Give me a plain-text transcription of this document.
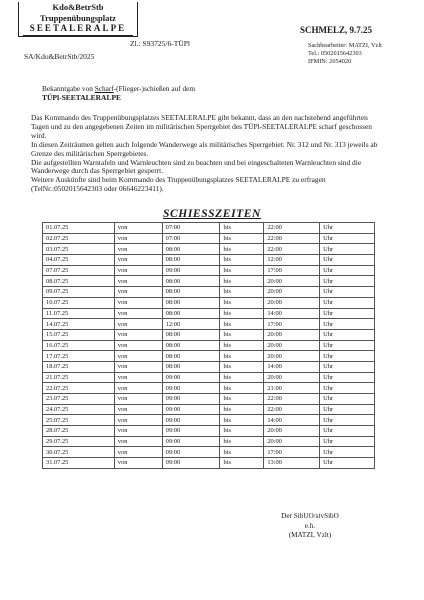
Kdo&BetrStb
Truppenübungsplatz
SEETALERALPE
Zl.: S93725/6-TÜPl
SA/Kdo&BetrStb/2025
SCHMELZ, 9.7.25
Sachbearbeiter: MATZI, Vzlt
Tel.: 0502015642303
IFMIN: 2054020
Bekanntgabe von Scharf-(Flieger-)schießen auf dem
TÜPl-SEETALERALPE

Das Kommando des Truppenübungsplatzes SEETALERALPE gibt bekannt, dass an den nachstehend angeführten Tagen und zu den angegebenen Zeiten im militärischen Sperrgebiet des TÜPl-SEETALERALPE scharf geschossen wird.

In diesen Zeiträumen gelten auch folgende Wanderwege als militärisches Sperrgebiet: Nr. 312 und Nr. 313 jeweils ab Grenze des militärischen Sperrgebietes.

Die aufgestellten Warntafeln und Warnleuchten sind zu beachten und bei eingeschalteten Warnleuchten sind die Wanderwege durch das Sperrgebiet gesperrt.

Weitere Auskünfte sind beim Kommando des Truppenübungsplatzes SEETALERALPE zu erfragen (TelNr.:0502015642303 oder 06646223411).

SCHIESSZEITEN
01.07.25	von	07:00	bis	22:00	Uhr
02.07.25	von	07:00	bis	22:00	Uhr
03.07.25	von	08:00	bis	22:00	Uhr
04.07.25	von	08:00	bis	12:00	Uhr
07.07.25	von	09:00	bis	17:00	Uhr
08.07.25	von	08:00	bis	20:00	Uhr
09.07.25	von	08:00	bis	20:00	Uhr
10.07.25	von	08:00	bis	20:00	Uhr
11.07.25	von	08:00	bis	14:00	Uhr
14.07.25	von	12:00	bis	17:00	Uhr
15.07.25	von	08:00	bis	20:00	Uhr
16.07.25	von	08:00	bis	20:00	Uhr
17.07.25	von	08:00	bis	20:00	Uhr
18.07.25	von	08:00	bis	14:00	Uhr
21.07.25	von	09:00	bis	20:00	Uhr
22.07.25	von	09:00	bis	21:00	Uhr
23.07.25	von	09:00	bis	22:00	Uhr
24.07.25	von	09:00	bis	22:00	Uhr
25.07.25	von	09:00	bis	14:00	Uhr
28.07.25	von	09:00	bis	20:00	Uhr
29.07.25	von	09:00	bis	20:00	Uhr
30.07.25	von	09:00	bis	17:00	Uhr
31.07.25	von	09:00	bis	13:00	Uhr
Der SibUO/stvSibO
e.h.
(MATZI, Vzlt)
